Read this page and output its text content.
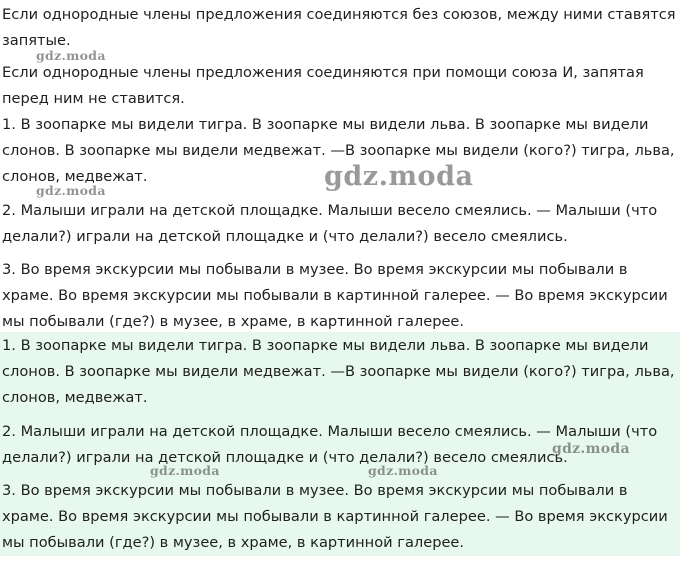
Если однородные члены предложения соединяются без союзов, между ними ставятся запятые.

Если однородные члены предложения соединяются при помощи союза И, запятая перед ним не ставится.

1. В зоопарке мы видели тигра. В зоопарке мы видели льва. В зоопарке мы видели слонов. В зоопарке мы видели медвежат. —В зоопарке мы видели (кого?) тигра, льва, слонов, медвежат.

2. Малыши играли на детской площадке. Малыши весело смеялись. — Малыши (что делали?) играли на детской площадке и (что делали?) весело смеялись.

3. Во время экскурсии мы побывали в музее. Во время экскурсии мы побывали в храме. Во время экскурсии мы побывали в картинной галерее. — Во время экскурсии мы побывали (где?) в музее, в храме, в картинной галерее.

1. В зоопарке мы видели тигра. В зоопарке мы видели льва. В зоопарке мы видели слонов. В зоопарке мы видели медвежат. —В зоопарке мы видели (кого?) тигра, льва, слонов, медвежат.

2. Малыши играли на детской площадке. Малыши весело смеялись. — Малыши (что делали?) играли на детской площадке и (что делали?) весело смеялись.

3. Во время экскурсии мы побывали в музее. Во время экскурсии мы побывали в храме. Во время экскурсии мы побывали в картинной галерее. — Во время экскурсии мы побывали (где?) в музее, в храме, в картинной галерее.

gdz.moda
gdz.moda	gdz.moda
gdz.moda
gdz.moda	gdz.moda
